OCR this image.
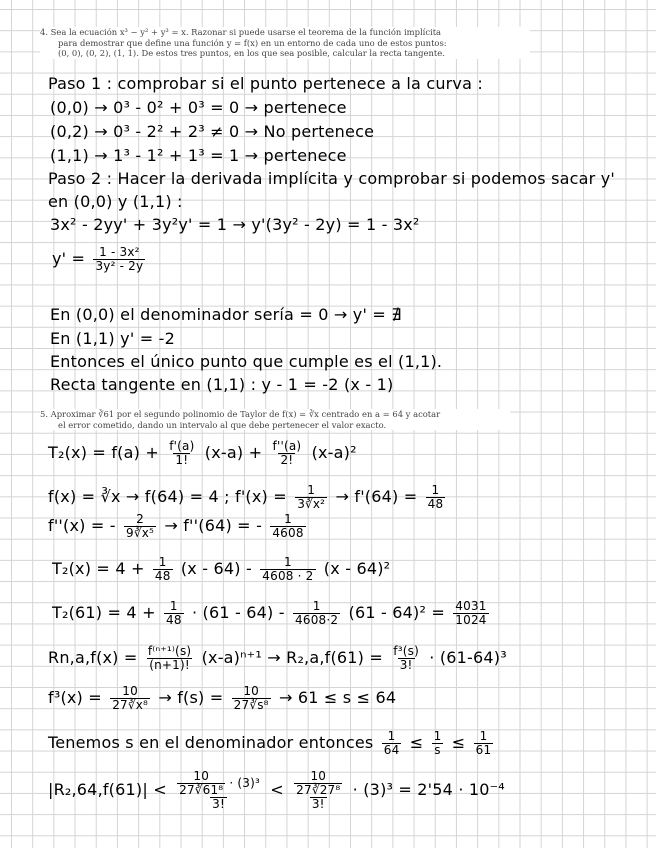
4. Sea la ecuación x³ − y² + y³ = x. Razonar si puede usarse el teorema de la función implícita
para demostrar que define una función y = f(x) en un entorno de cada uno de estos puntos:
(0, 0), (0, 2), (1, 1). De estos tres puntos, en los que sea posible, calcular la recta tangente.
Paso 1 : comprobar si el punto pertenece a la curva :
(0,0) → 0³ - 0² + 0³ = 0 → pertenece
(0,2) → 0³ - 2² + 2³ ≠ 0 → No pertenece
(1,1) → 1³ - 1² + 1³ = 1 → pertenece
Paso 2 : Hacer la derivada implícita y comprobar si podemos sacar y'
en (0,0) y (1,1) :
3x² - 2yy' + 3y²y' = 1 → y'(3y² - 2y) = 1 - 3x²
$y' = \frac{\text{1 - 3x²}}{\text{3y² - 2y}}$
En (0,0) el denominador sería = 0 → y' = ∄
En (1,1) y' = -2
Entonces el único punto que cumple es el (1,1).
Recta tangente en (1,1) : y - 1 = -2 (x - 1)
5. Aproximar ∛61 por el segundo polinomio de Taylor de f(x) = ∛x centrado en a = 64 y acotar
el error cometido, dando un intervalo al que debe pertenecer el valor exacto.
$T_2(x) = f(a) + \frac{f'(a)}{1!} (x-a) + \frac{f''(a)}{2!} (x-a)^2$
f(x) = ∛x → f(64) = 4 ; $f'(x) = \frac{1}{\text{3∛x²}} \to f'(64) = \frac{1}{48}$
f''(x) = - $\frac{2}{\text{9∛x⁵}} \to f''(64)$ = - $\frac{1}{4608}$
$T_2(x) = 4 + \frac{1}{48} (x - 64) - \frac{1}{4608 \cdot 2} (x - 64)^2$
$T_2(61) = 4 + \frac{1}{48} \cdot (61 - 64) - \frac{1}{4608\cdot 2} (61 - 64)^2 = \frac{4031}{1024}$
$Rn,a,f(x) = \frac{\text{f⁽ⁿ⁺¹⁾(s)}}{(n+1)!} (x-a)^{n+1} \to R_2,a,f(61) = \frac{\text{f³(s)}}{3!} \cdot (61-64)^3$
$f^3(x) = \frac{10}{\text{27∛x⁸}} \to f(s) = \frac{10}{\text{27∛s⁸}} \to 61 \le s \le 64$
Tenemos s en el denominador entonces $\frac{1}{64} \le \frac{1}{s} \le \frac{1}{61}$
$|R_2,64,f(61)| < \frac{\frac{10}{\text{27∛61⁸}} \cdot (3)^3}{3!} < \frac{\frac{10}{\text{27∛27⁸}}}{3!} \cdot (3)^3 = 2'54 \cdot 10^{-4}$
